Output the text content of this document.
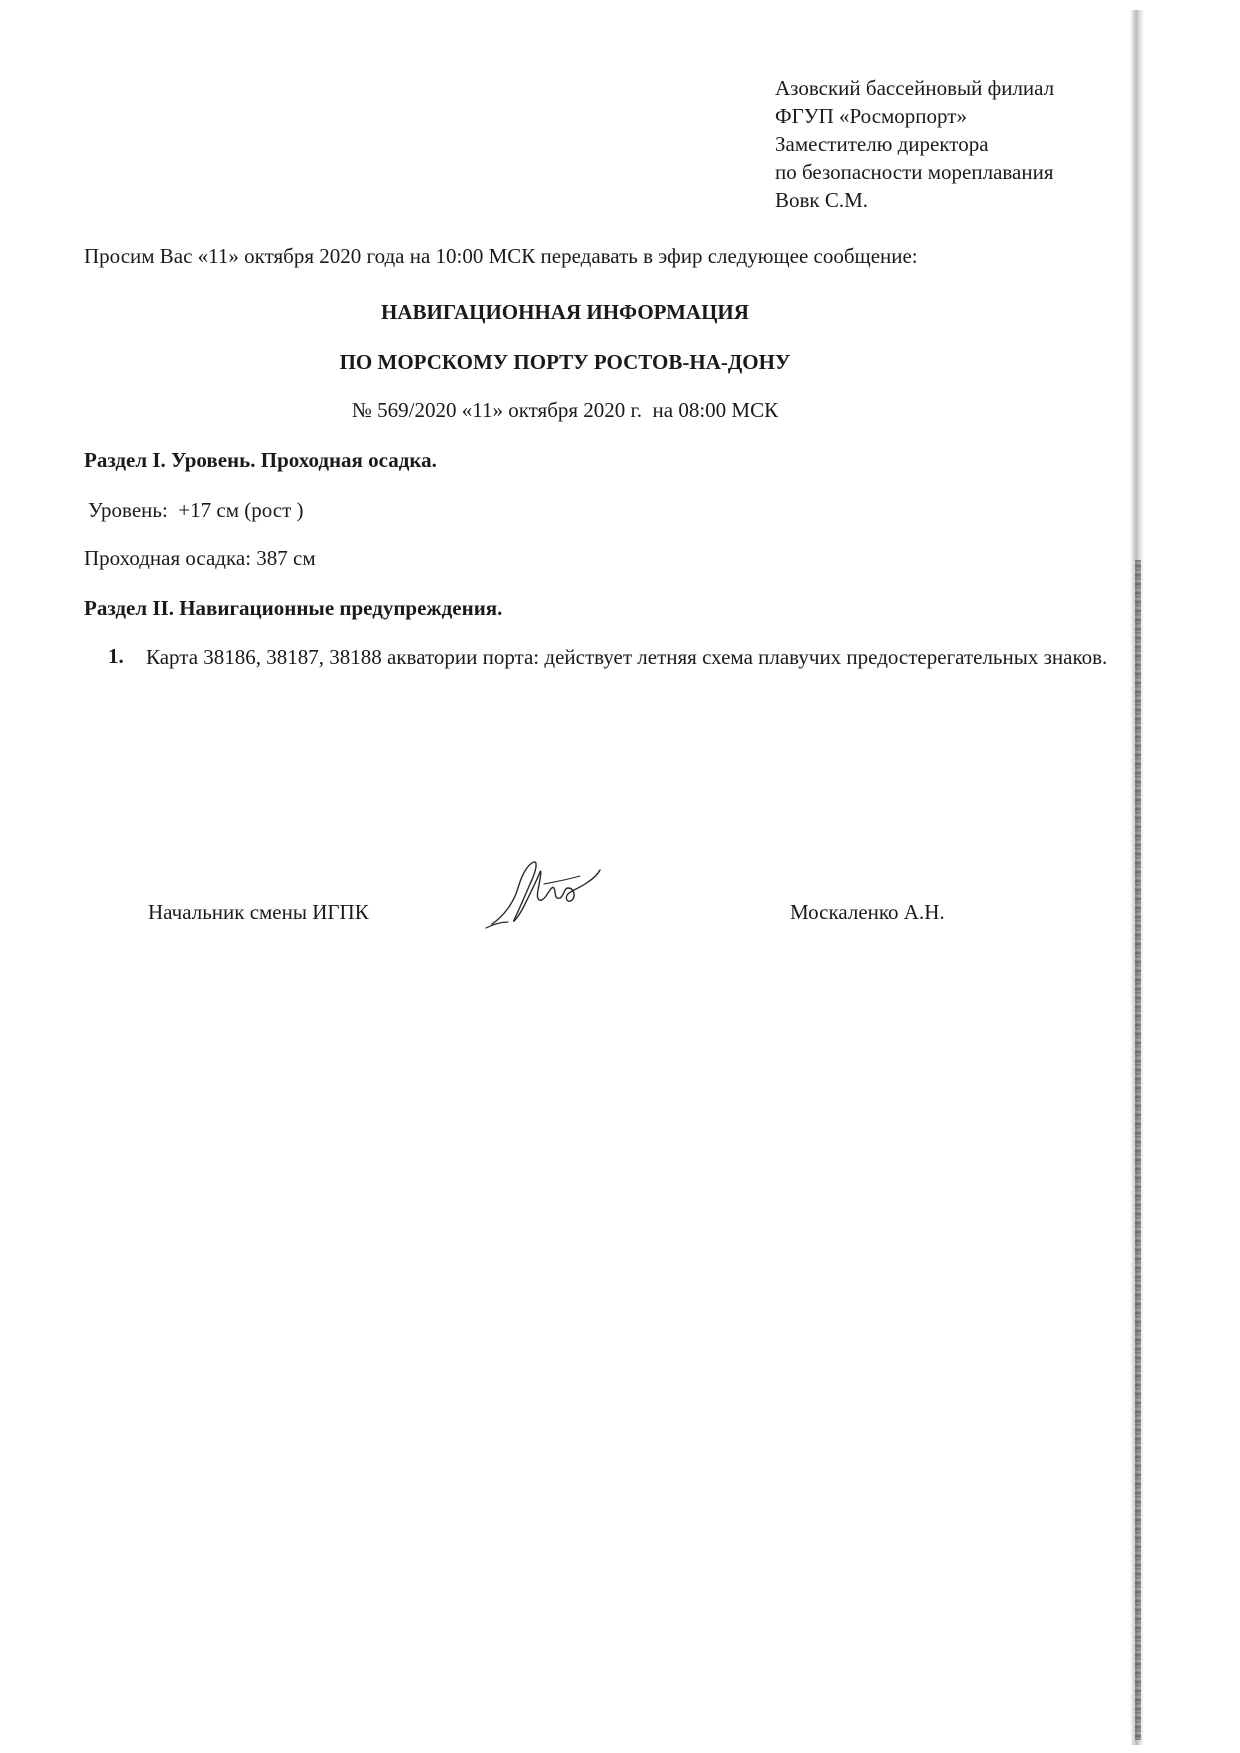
Азовский бассейновый филиал
ФГУП «Росморпорт»
Заместителю директора
по безопасности мореплавания
Вовк С.М.
Просим Вас «11» октября 2020 года на 10:00 МСК передавать в эфир следующее сообщение:
НАВИГАЦИОННАЯ ИНФОРМАЦИЯ
ПО МОРСКОМУ ПОРТУ РОСТОВ-НА-ДОНУ
№ 569/2020 «11» октября 2020 г.  на 08:00 МСК
Раздел I. Уровень. Проходная осадка.
Уровень:  +17 см (рост )
Проходная осадка: 387 см
Раздел II. Навигационные предупреждения.
1. Карта 38186, 38187, 38188 акватории порта: действует летняя схема плавучих предостерегательных знаков.
Начальник смены ИГПК	Москаленко А.Н.
